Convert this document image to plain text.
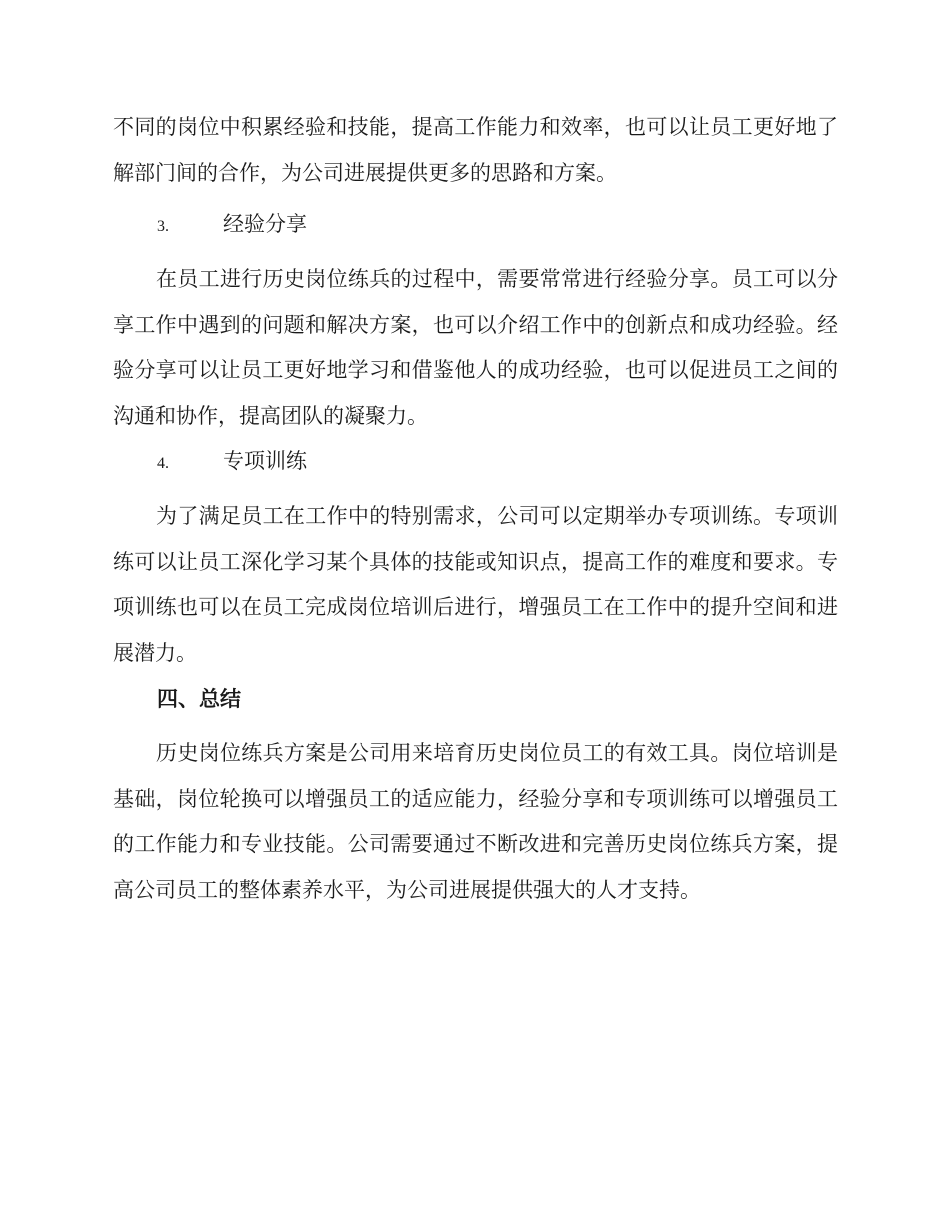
不同的岗位中积累经验和技能，提高工作能力和效率，也可以让员工更好地了解部门间的合作，为公司进展提供更多的思路和方案。

3.	经验分享

在员工进行历史岗位练兵的过程中，需要常常进行经验分享。员工可以分享工作中遇到的问题和解决方案，也可以介绍工作中的创新点和成功经验。经验分享可以让员工更好地学习和借鉴他人的成功经验，也可以促进员工之间的沟通和协作，提高团队的凝聚力。

4.	专项训练

为了满足员工在工作中的特别需求，公司可以定期举办专项训练。专项训练可以让员工深化学习某个具体的技能或知识点，提高工作的难度和要求。专项训练也可以在员工完成岗位培训后进行，增强员工在工作中的提升空间和进展潜力。

四、总结

历史岗位练兵方案是公司用来培育历史岗位员工的有效工具。岗位培训是基础，岗位轮换可以增强员工的适应能力，经验分享和专项训练可以增强员工的工作能力和专业技能。公司需要通过不断改进和完善历史岗位练兵方案，提高公司员工的整体素养水平，为公司进展提供强大的人才支持。
